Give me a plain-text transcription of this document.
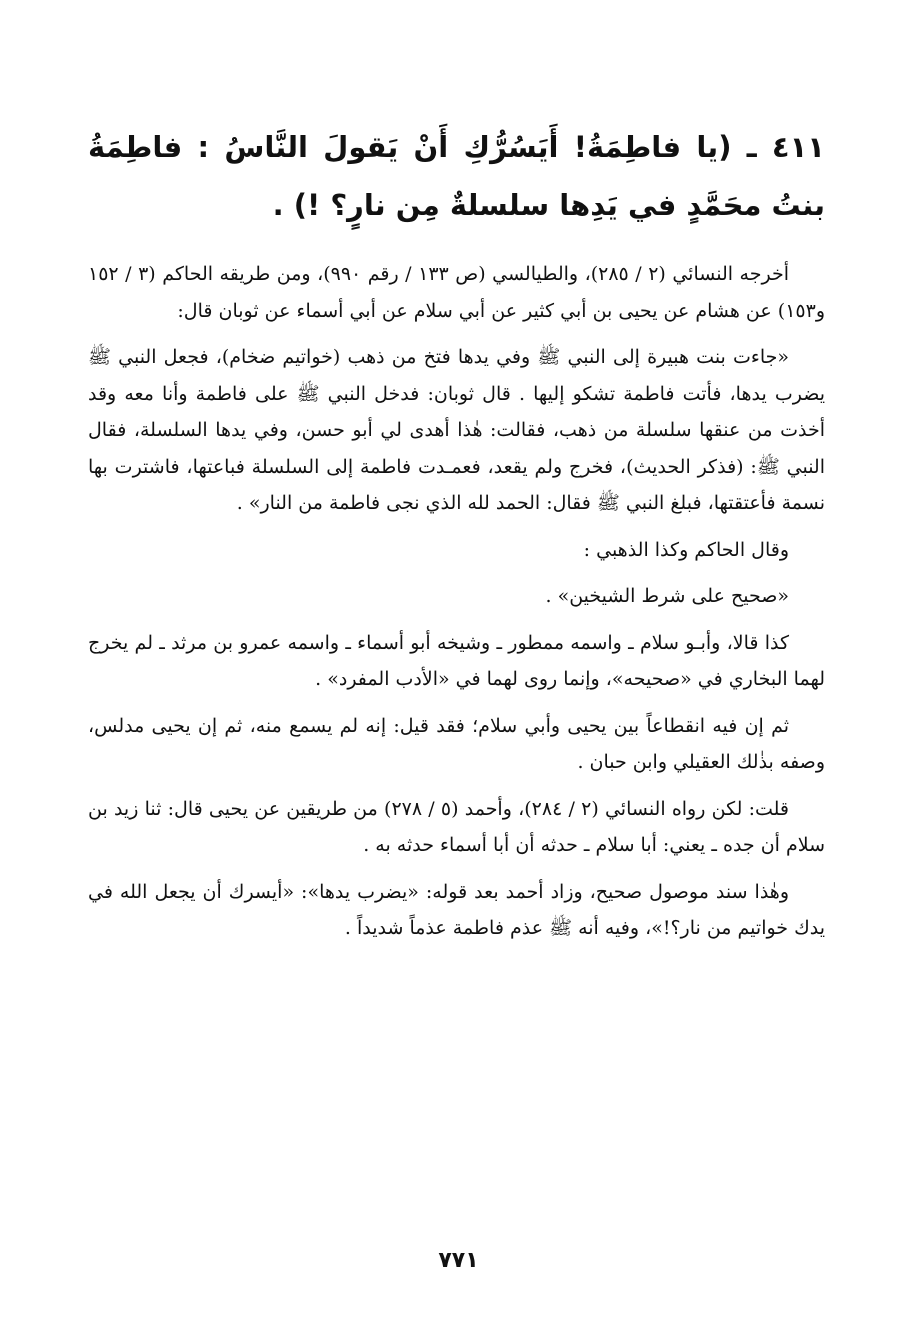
٤١١ ـ (يا فاطِمَةُ! أَيَسُرُّكِ أَنْ يَقولَ النَّاسُ : فاطِمَةُ بنتُ محَمَّدٍ في يَدِها سلسلةٌ مِن نارٍ؟ !) .

أخرجه النسائي (٢ / ٢٨٥)، والطيالسي (ص ١٣٣ / رقم ٩٩٠)، ومن طريقه الحاكم (٣ / ١٥٢ و١٥٣) عن هشام عن يحيى بن أبي كثير عن أبي سلام عن أبي أسماء عن ثوبان قال:

«جاءت بنت هبيرة إلى النبي ﷺ وفي يدها فتخ من ذهب (خواتيم ضخام)، فجعل النبي ﷺ يضرب يدها، فأتت فاطمة تشكو إليها . قال ثوبان: فدخل النبي ﷺ على فاطمة وأنا معه وقد أخذت من عنقها سلسلة من ذهب، فقالت: هٰذا أهدى لي أبو حسن، وفي يدها السلسلة، فقال النبي ﷺ: (فذكر الحديث)، فخرج ولم يقعد، فعمـدت فاطمة إلى السلسلة فباعتها، فاشترت بها نسمة فأعتقتها، فبلغ النبي ﷺ فقال: الحمد لله الذي نجى فاطمة من النار» .

وقال الحاكم وكذا الذهبي :

«صحيح على شرط الشيخين» .

كذا قالا، وأبـو سلام ـ واسمه ممطور ـ وشيخه أبو أسماء ـ واسمه عمرو بن مرثد ـ لم يخرج لهما البخاري في «صحيحه»، وإنما روى لهما في «الأدب المفرد» .

ثم إن فيه انقطاعاً بين يحيى وأبي سلام؛ فقد قيل: إنه لم يسمع منه، ثم إن يحيى مدلس، وصفه بذٰلك العقيلي وابن حبان .

قلت: لكن رواه النسائي (٢ / ٢٨٤)، وأحمد (٥ / ٢٧٨) من طريقين عن يحيى قال: ثنا زيد بن سلام أن جده ـ يعني: أبا سلام ـ حدثه أن أبا أسماء حدثه به .

وهٰذا سند موصول صحيح، وزاد أحمد بعد قوله: «يضرب يدها»: «أيسرك أن يجعل الله في يدك خواتيم من نار؟!»، وفيه أنه ﷺ عذم فاطمة عذماً شديداً .

٧٧١
